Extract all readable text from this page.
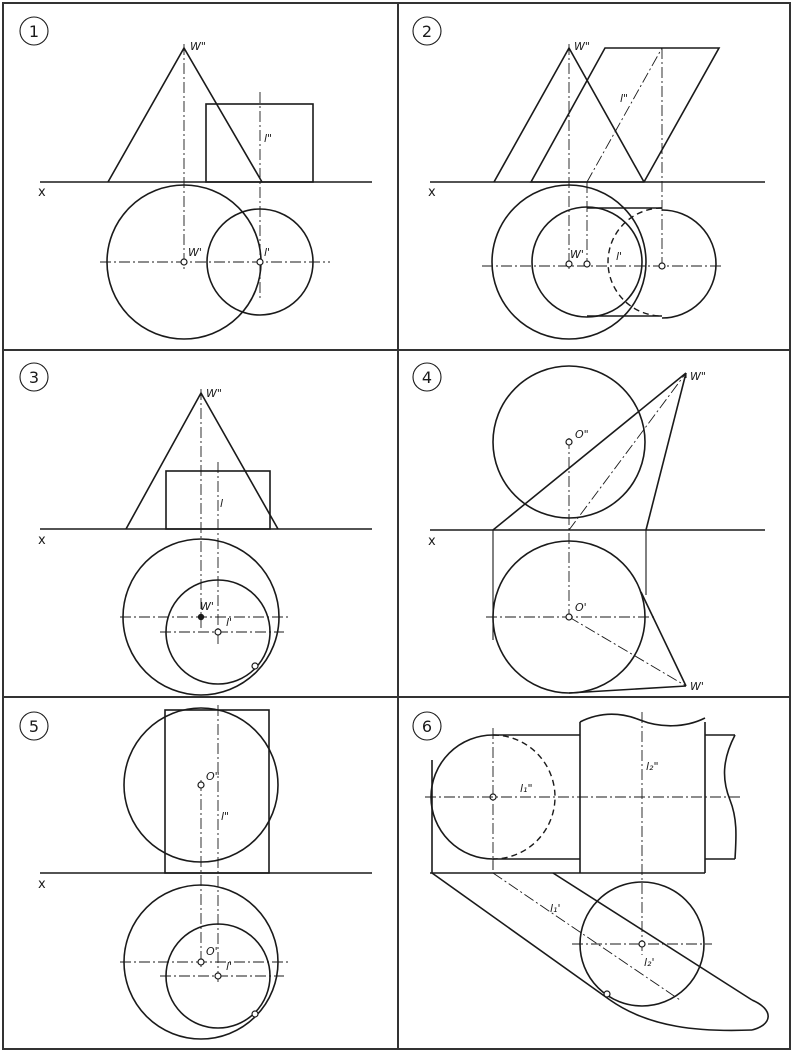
1
x
W"
W'
l"
l'
2
x
W"
W'
l"
l'
3
x
W"
W'
l
l'
4
x
W"
W'
O"
O'
5
x
O"
O'
l"
l'
6
l₁"
l₂"
l₁'
l₂'
